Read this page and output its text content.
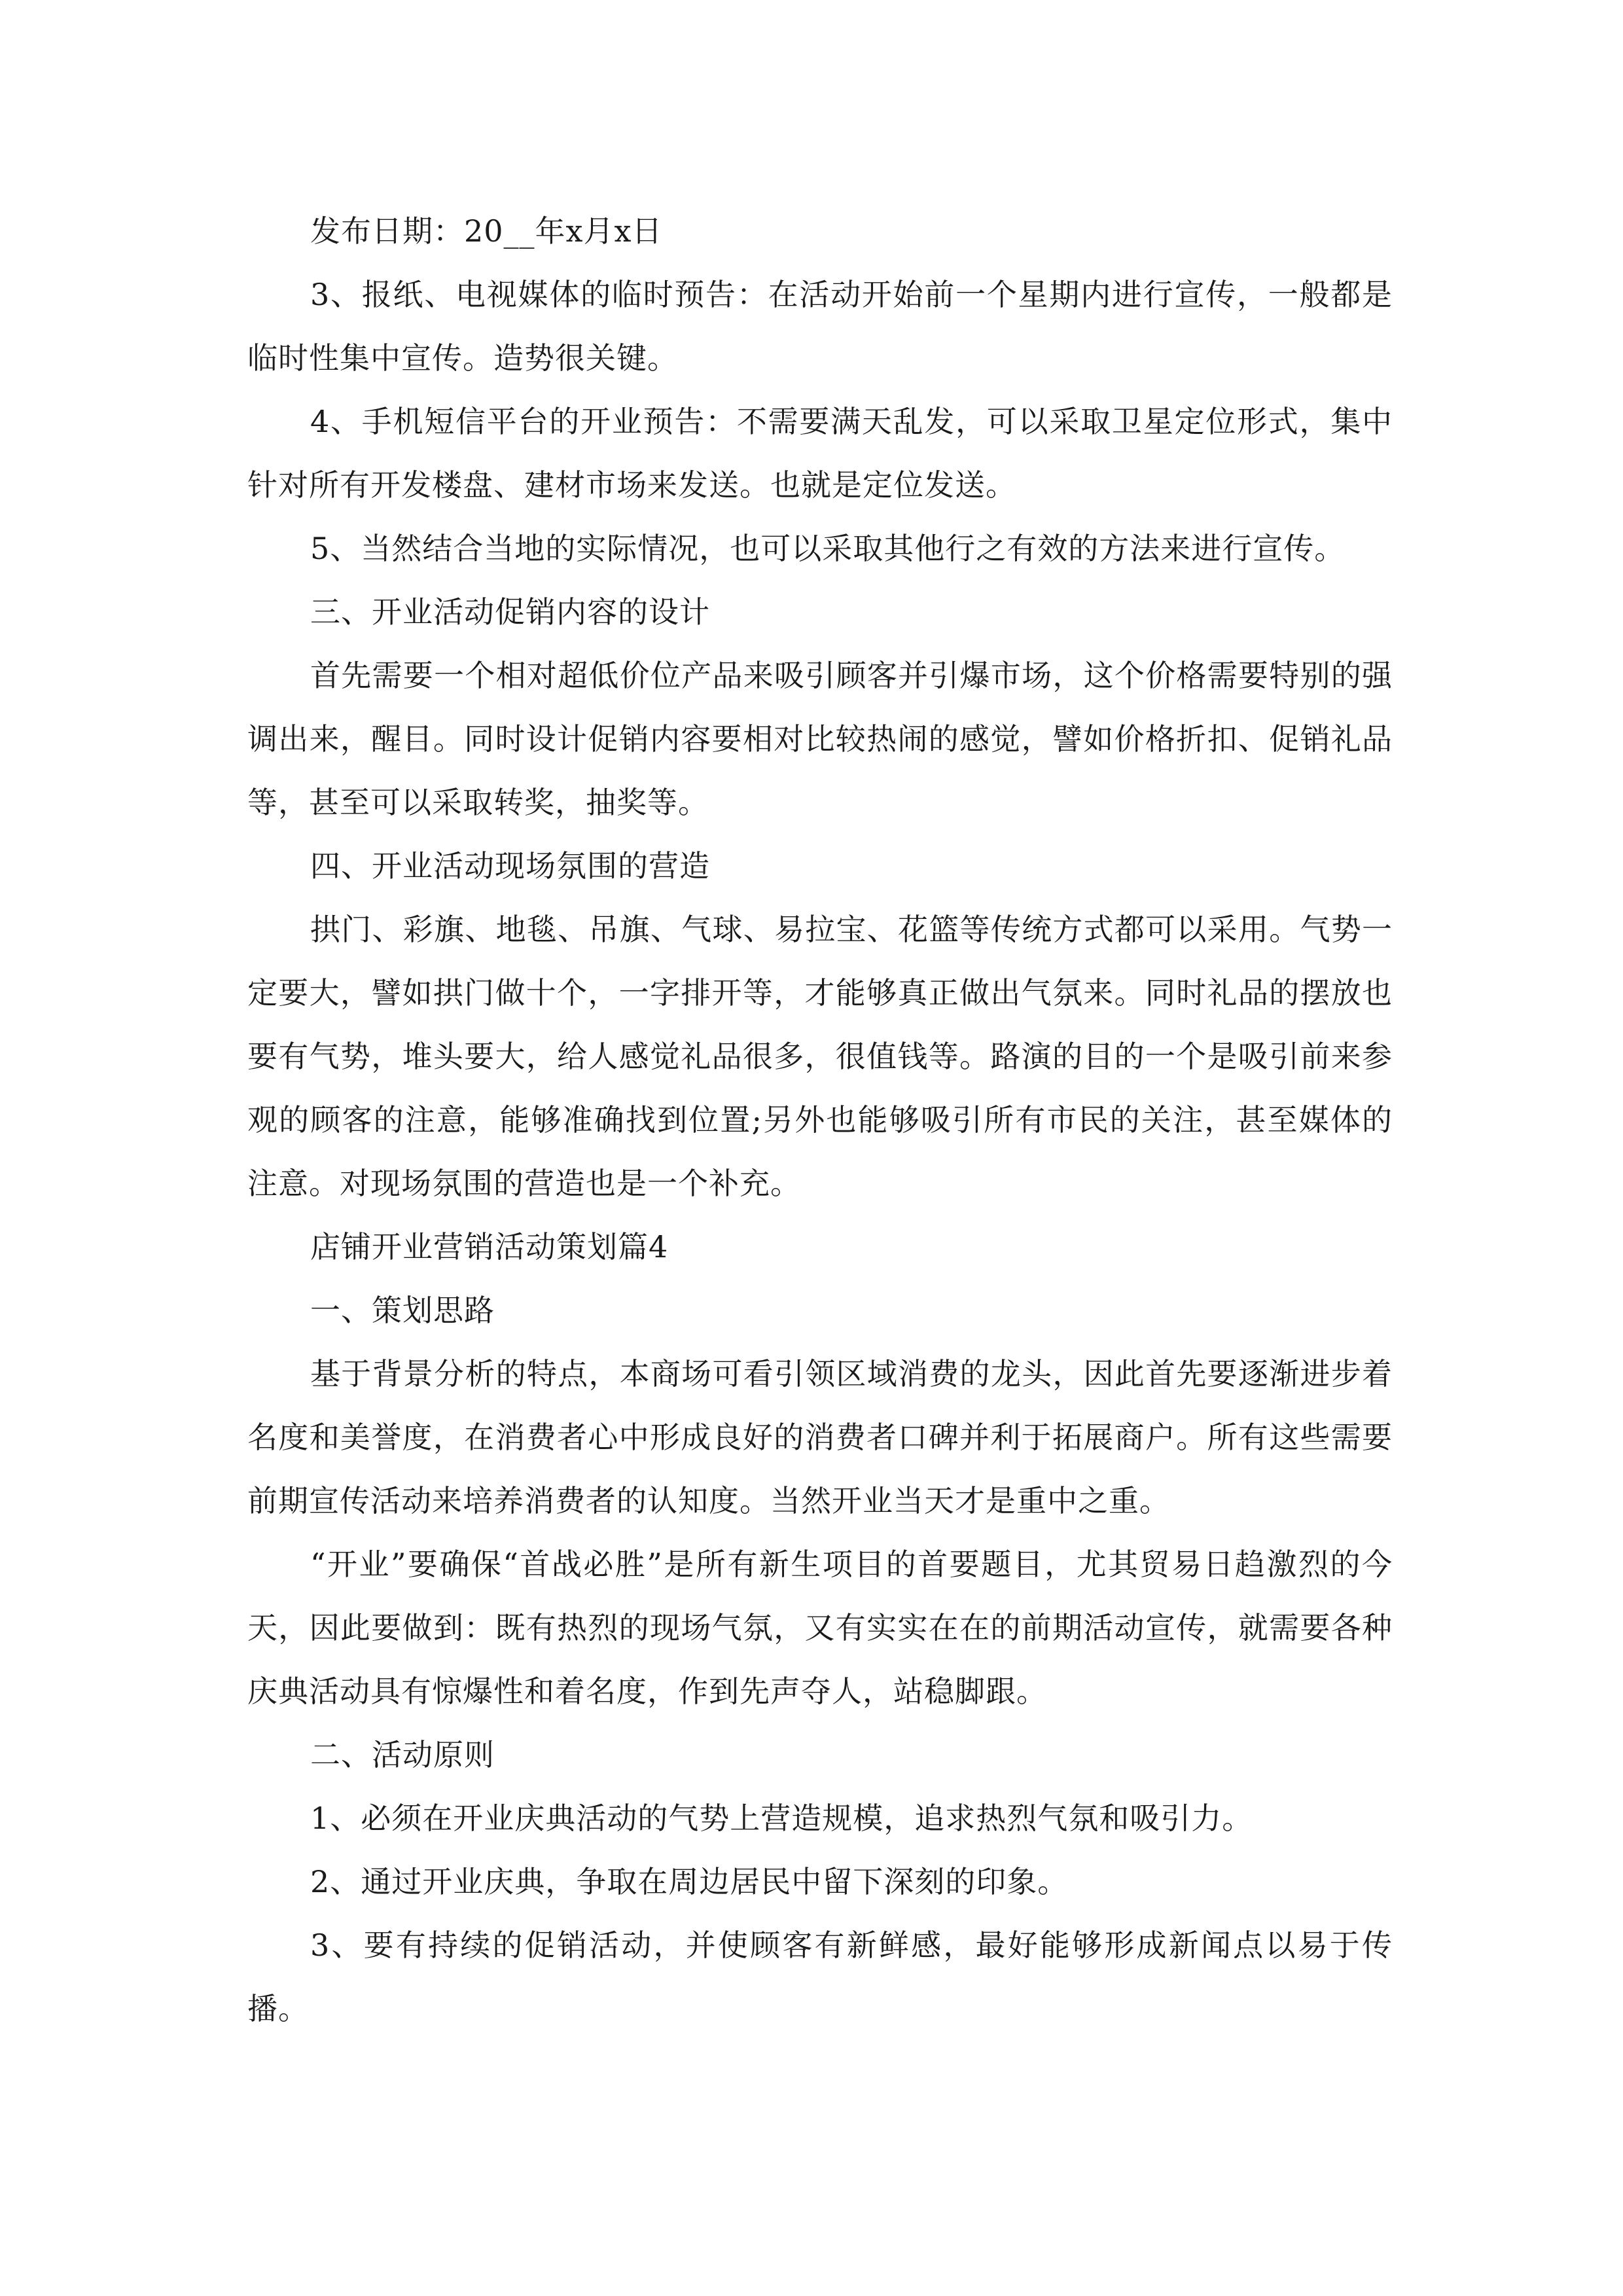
发布日期：20__年x月x日

3、报纸、电视媒体的临时预告：在活动开始前一个星期内进行宣传，一般都是临时性集中宣传。造势很关键。

4、手机短信平台的开业预告：不需要满天乱发，可以采取卫星定位形式，集中针对所有开发楼盘、建材市场来发送。也就是定位发送。

5、当然结合当地的实际情况，也可以采取其他行之有效的方法来进行宣传。

三、开业活动促销内容的设计

首先需要一个相对超低价位产品来吸引顾客并引爆市场，这个价格需要特别的强调出来，醒目。同时设计促销内容要相对比较热闹的感觉，譬如价格折扣、促销礼品等，甚至可以采取转奖，抽奖等。

四、开业活动现场氛围的营造

拱门、彩旗、地毯、吊旗、气球、易拉宝、花篮等传统方式都可以采用。气势一定要大，譬如拱门做十个，一字排开等，才能够真正做出气氛来。同时礼品的摆放也要有气势，堆头要大，给人感觉礼品很多，很值钱等。路演的目的一个是吸引前来参观的顾客的注意，能够准确找到位置;另外也能够吸引所有市民的关注，甚至媒体的注意。对现场氛围的营造也是一个补充。

店铺开业营销活动策划篇4

一、策划思路

基于背景分析的特点，本商场可看引领区域消费的龙头，因此首先要逐渐进步着名度和美誉度，在消费者心中形成良好的消费者口碑并利于拓展商户。所有这些需要前期宣传活动来培养消费者的认知度。当然开业当天才是重中之重。

“开业”要确保“首战必胜”是所有新生项目的首要题目，尤其贸易日趋激烈的今天，因此要做到：既有热烈的现场气氛，又有实实在在的前期活动宣传，就需要各种庆典活动具有惊爆性和着名度，作到先声夺人，站稳脚跟。

二、活动原则

1、必须在开业庆典活动的气势上营造规模，追求热烈气氛和吸引力。

2、通过开业庆典，争取在周边居民中留下深刻的印象。

3、要有持续的促销活动，并使顾客有新鲜感，最好能够形成新闻点以易于传播。
